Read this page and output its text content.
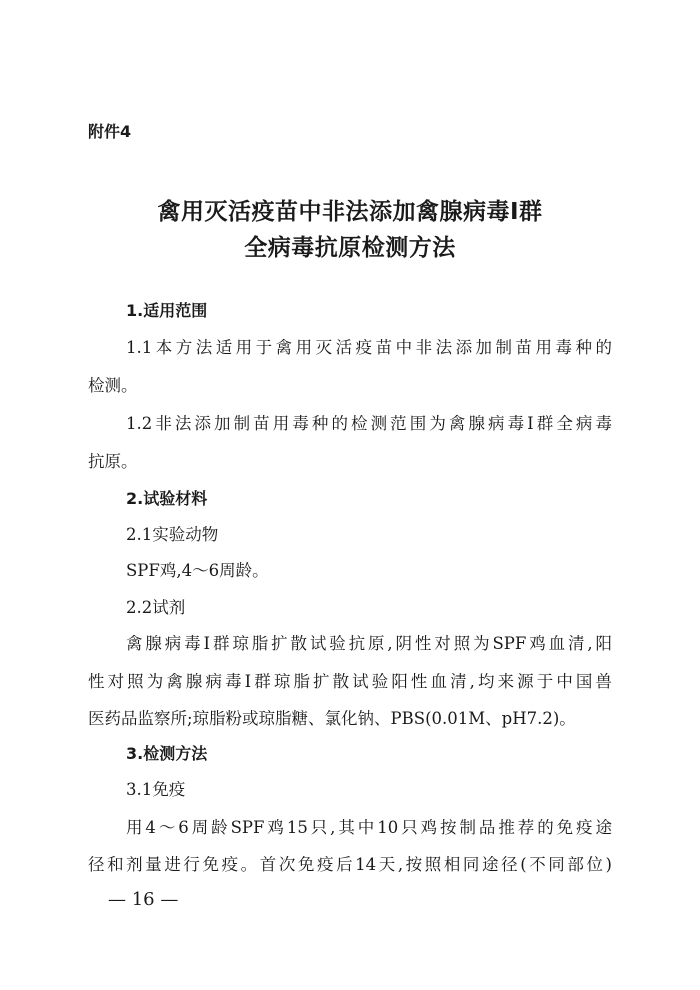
附件4
禽用灭活疫苗中非法添加禽腺病毒Ⅰ群
全病毒抗原检测方法
1.适用范围
1.1本方法适用于禽用灭活疫苗中非法添加制苗用毒种的
检测。
1.2非法添加制苗用毒种的检测范围为禽腺病毒Ⅰ群全病毒
抗原。
2.试验材料
2.1实验动物
SPF鸡,4～6周龄。
2.2试剂
禽腺病毒Ⅰ群琼脂扩散试验抗原,阴性对照为SPF鸡血清,阳
性对照为禽腺病毒Ⅰ群琼脂扩散试验阳性血清,均来源于中国兽
医药品监察所;琼脂粉或琼脂糖、氯化钠、PBS(0.01M、pH7.2)。
3.检测方法
3.1免疫
用4～6周龄SPF鸡15只,其中10只鸡按制品推荐的免疫途
径和剂量进行免疫。首次免疫后14天,按照相同途径(不同部位)
— 16 —
